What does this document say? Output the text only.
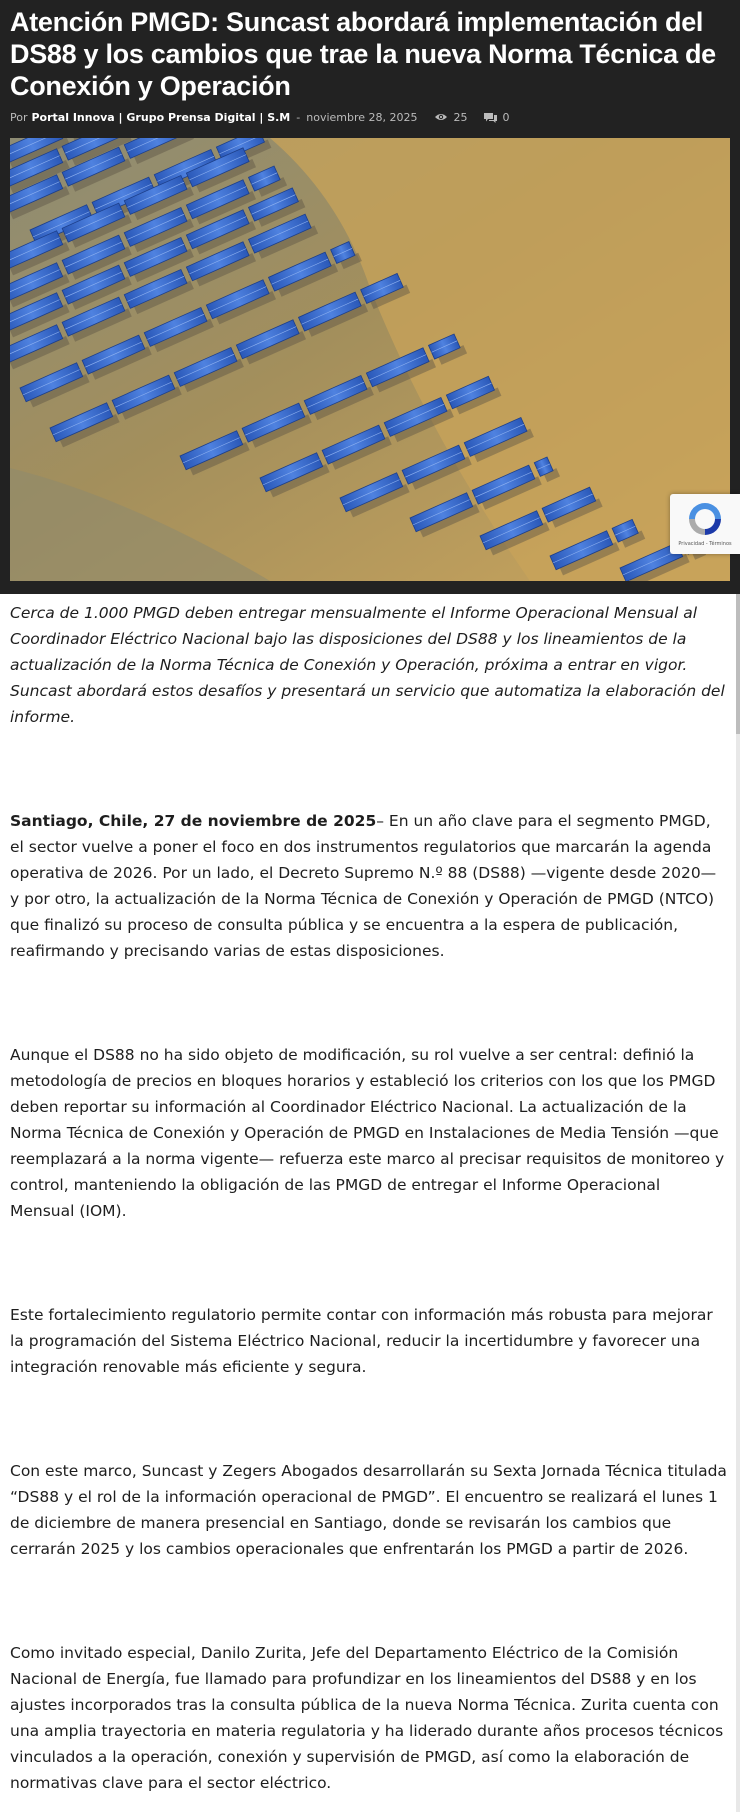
Atención PMGD: Suncast abordará implementación del DS88 y los cambios que trae la nueva Norma Técnica de Conexión y Operación
Por Portal Innova | Grupo Prensa Digital | S.M - noviembre 28, 2025	25	0
Privacidad - Términos

Cerca de 1.000 PMGD deben entregar mensualmente el Informe Operacional Mensual al Coordinador Eléctrico Nacional bajo las disposiciones del DS88 y los lineamientos de la actualización de la Norma Técnica de Conexión y Operación, próxima a entrar en vigor. Suncast abordará estos desafíos y presentará un servicio que automatiza la elaboración del informe.

Santiago, Chile, 27 de noviembre de 2025– En un año clave para el segmento PMGD, el sector vuelve a poner el foco en dos instrumentos regulatorios que marcarán la agenda operativa de 2026. Por un lado, el Decreto Supremo N.º 88 (DS88) —vigente desde 2020— y por otro, la actualización de la Norma Técnica de Conexión y Operación de PMGD (NTCO) que finalizó su proceso de consulta pública y se encuentra a la espera de publicación, reafirmando y precisando varias de estas disposiciones.

Aunque el DS88 no ha sido objeto de modificación, su rol vuelve a ser central: definió la metodología de precios en bloques horarios y estableció los criterios con los que los PMGD deben reportar su información al Coordinador Eléctrico Nacional. La actualización de la Norma Técnica de Conexión y Operación de PMGD en Instalaciones de Media Tensión —que reemplazará a la norma vigente— refuerza este marco al precisar requisitos de monitoreo y control, manteniendo la obligación de las PMGD de entregar el Informe Operacional Mensual (IOM).

Este fortalecimiento regulatorio permite contar con información más robusta para mejorar la programación del Sistema Eléctrico Nacional, reducir la incertidumbre y favorecer una integración renovable más eficiente y segura.

Con este marco, Suncast y Zegers Abogados desarrollarán su Sexta Jornada Técnica titulada “DS88 y el rol de la información operacional de PMGD”. El encuentro se realizará el lunes 1 de diciembre de manera presencial en Santiago, donde se revisarán los cambios que cerrarán 2025 y los cambios operacionales que enfrentarán los PMGD a partir de 2026.

Como invitado especial, Danilo Zurita, Jefe del Departamento Eléctrico de la Comisión Nacional de Energía, fue llamado para profundizar en los lineamientos del DS88 y en los ajustes incorporados tras la consulta pública de la nueva Norma Técnica. Zurita cuenta con una amplia trayectoria en materia regulatoria y ha liderado durante años procesos técnicos vinculados a la operación, conexión y supervisión de PMGD, así como la elaboración de normativas clave para el sector eléctrico.
